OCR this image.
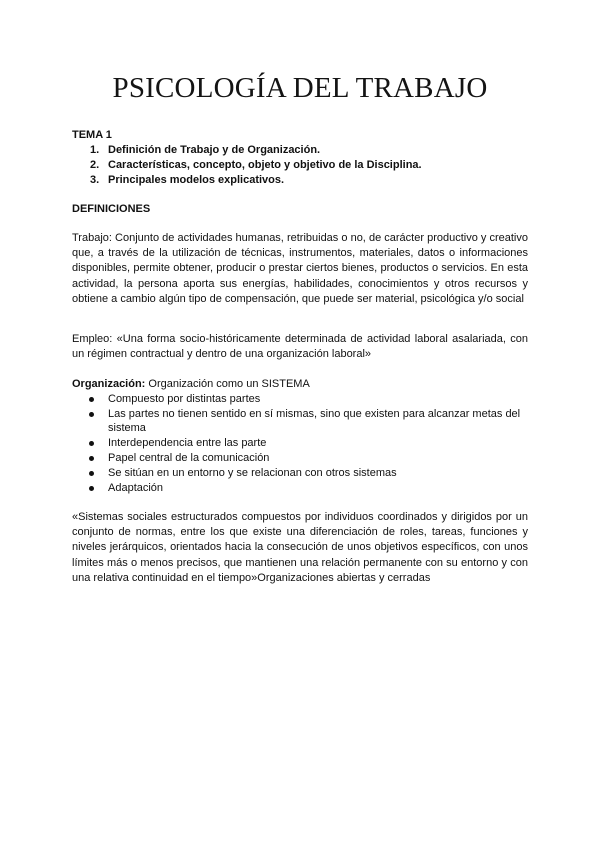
PSICOLOGÍA DEL TRABAJO
TEMA 1
1. Definición de Trabajo y de Organización.
2. Características, concepto, objeto y objetivo de la Disciplina.
3. Principales modelos explicativos.
DEFINICIONES

Trabajo: Conjunto de actividades humanas, retribuidas o no, de carácter productivo y creativo que, a través de la utilización de técnicas, instrumentos, materiales, datos o informaciones disponibles, permite obtener, producir o prestar ciertos bienes, productos o servicios. En esta actividad, la persona aporta sus energías, habilidades, conocimientos y otros recursos y obtiene a cambio algún tipo de compensación, que puede ser material, psicológica y/o social

Empleo: «Una forma socio-históricamente determinada de actividad laboral asalariada, con un régimen contractual y dentro de una organización laboral»

Organización: Organización como un SISTEMA
Compuesto por distintas partes
Las partes no tienen sentido en sí mismas, sino que existen para alcanzar metas del sistema
Interdependencia entre las parte
Papel central de la comunicación
Se sitúan en un entorno y se relacionan con otros sistemas
Adaptación

«Sistemas sociales estructurados compuestos por individuos coordinados y dirigidos por un conjunto de normas, entre los que existe una diferenciación de roles, tareas, funciones y niveles jerárquicos, orientados hacia la consecución de unos objetivos específicos, con unos límites más o menos precisos, que mantienen una relación permanente con su entorno y con una relativa continuidad en el tiempo»Organizaciones abiertas y cerradas
